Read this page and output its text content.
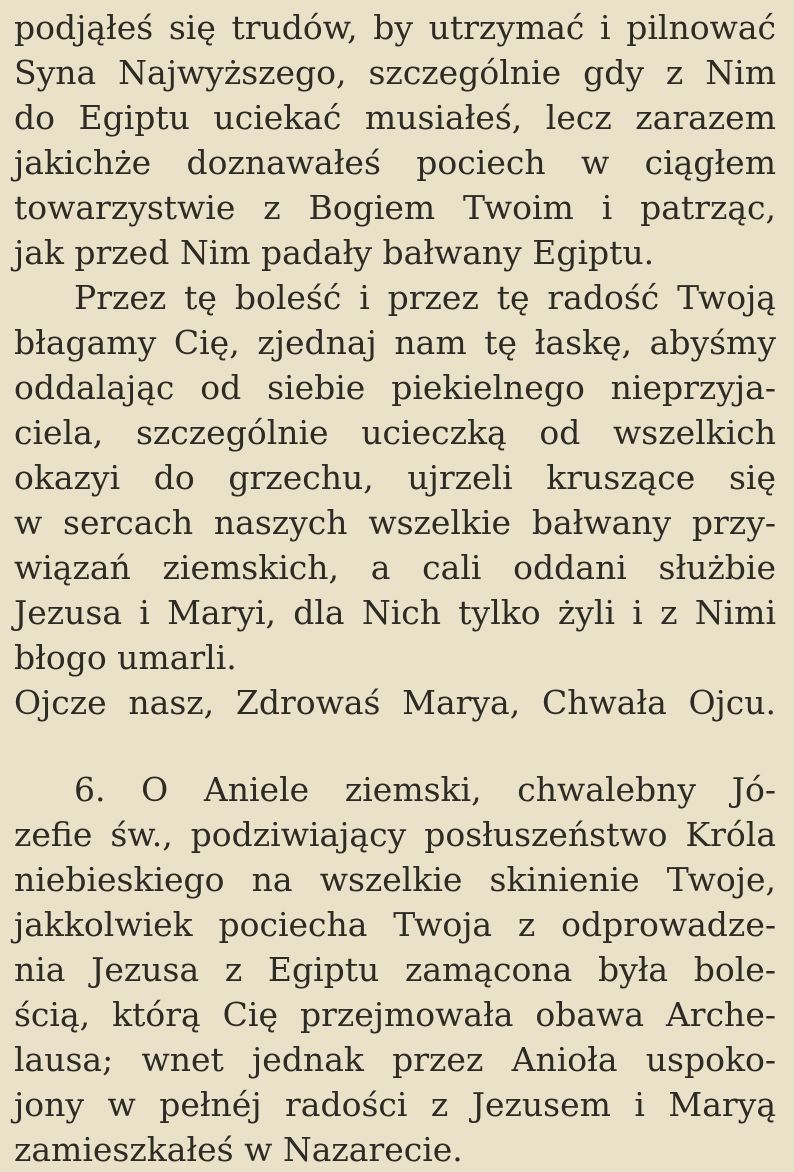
podjąłeś się trudów, by utrzymać i pilnować
Syna Najwyższego, szczególnie gdy z Nim
do Egiptu uciekać musiałeś, lecz zarazem
jakichże doznawałeś pociech w ciągłem
towarzystwie z Bogiem Twoim i patrząc,
jak przed Nim padały bałwany Egiptu.
Przez tę boleść i przez tę radość Twoją
błagamy Cię, zjednaj nam tę łaskę, abyśmy
oddalając od siebie piekielnego nieprzyja-
ciela, szczególnie ucieczką od wszelkich
okazyi do grzechu, ujrzeli kruszące się
w sercach naszych wszelkie bałwany przy-
wiązań ziemskich, a cali oddani służbie
Jezusa i Maryi, dla Nich tylko żyli i z Nimi
błogo umarli.
Ojcze nasz, Zdrowaś Marya, Chwała Ojcu.
6. O Aniele ziemski, chwalebny Jó-
zefie św., podziwiający posłuszeństwo Króla
niebieskiego na wszelkie skinienie Twoje,
jakkolwiek pociecha Twoja z odprowadze-
nia Jezusa z Egiptu zamącona była bole-
ścią, którą Cię przejmowała obawa Arche-
lausa; wnet jednak przez Anioła uspoko-
jony w pełnéj radości z Jezusem i Maryą
zamieszkałeś w Nazarecie.
